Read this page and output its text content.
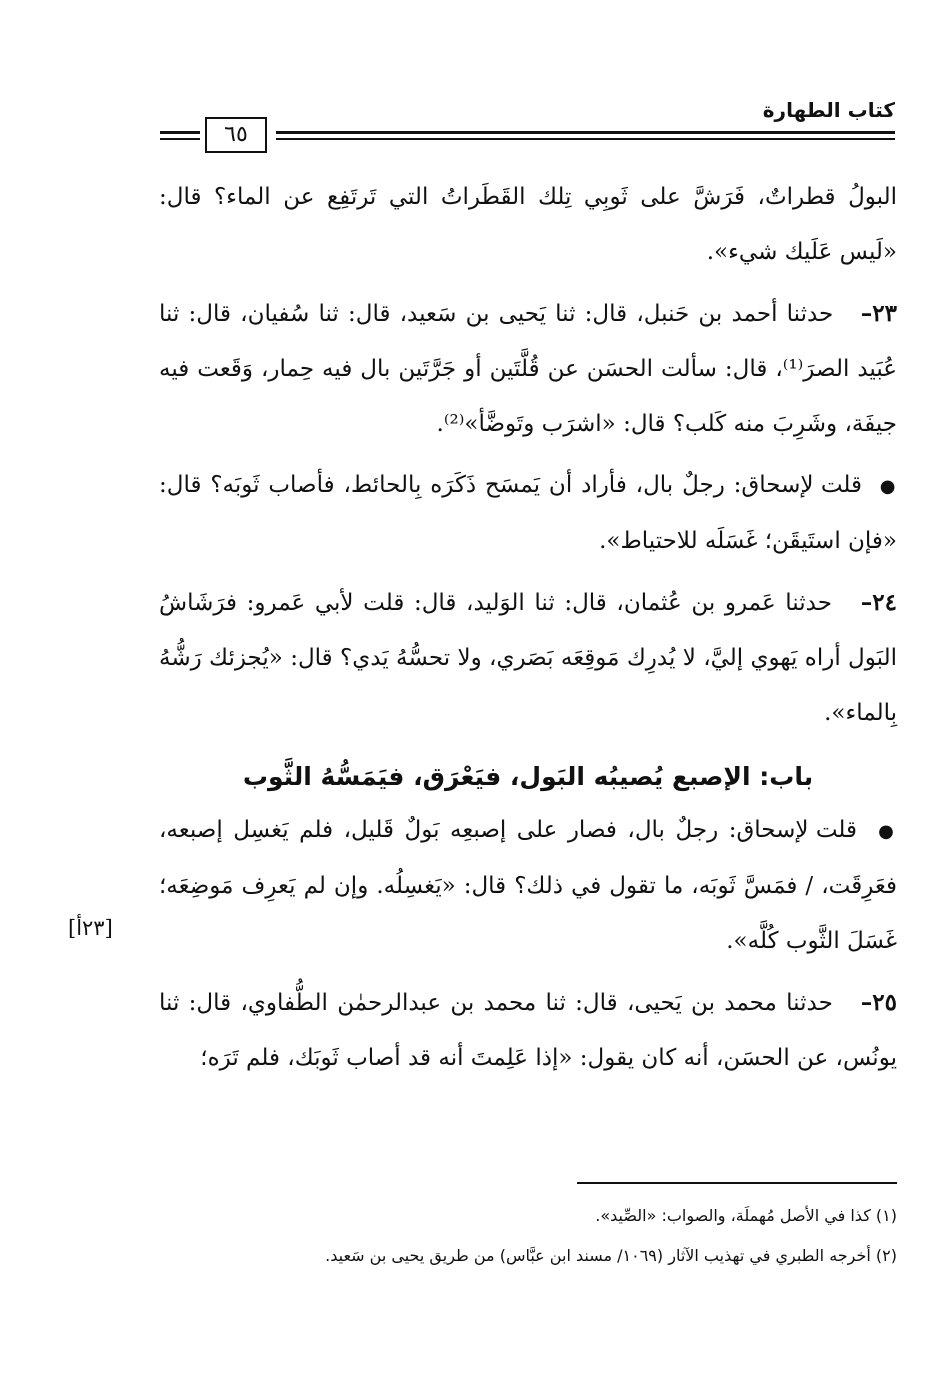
كتاب الطهارة
٦٥

البولُ قطراتٌ، فَرَشَّ على ثَوبِي تِلك القَطَراتُ التي تَرتَفِع عن الماء؟ قال: «لَيس عَلَيك شيء».

٢٣–   حدثنا أحمد بن حَنبل، قال: ثنا يَحيى بن سَعيد، قال: ثنا سُفيان، قال: ثنا عُبَيد الصرَ⁽¹⁾، قال: سألت الحسَن عن قُلَّتَين أو جَرَّتَين بال فيه حِمار، وَقَعت فيه جيفَة، وشَرِبَ منه كَلب؟ قال: «اشرَب وتَوضَّأ»⁽²⁾.

●  قلت لإسحاق: رجلٌ بال، فأراد أن يَمسَح ذَكَرَه بِالحائط، فأصاب ثَوبَه؟ قال: «فإن استَيقَن؛ غَسَلَه للاحتياط».

٢٤–   حدثنا عَمرو بن عُثمان، قال: ثنا الوَليد، قال: قلت لأبي عَمرو: فرَشَاشُ البَول أراه يَهوي إليَّ، لا يُدرِك مَوقِعَه بَصَري، ولا تحسُّهُ يَدي؟ قال: «يُجزئك رَشُّهُ بِالماء».

باب: الإصبع يُصيبُه البَول، فيَعْرَق، فيَمَسُّهُ الثَّوب

●  قلت لإسحاق: رجلٌ بال، فصار على إصبعِه بَولٌ قَليل، فلم يَغسِل إصبعه، فعَرِقَت، / فمَسَّ ثَوبَه، ما تقول في ذلك؟ قال: «يَغسِلُه. وإن لم يَعرِف مَوضِعَه؛ غَسَلَ الثَّوب كُلَّه».

٢٥–   حدثنا محمد بن يَحيى، قال: ثنا محمد بن عبدالرحمٰن الطُّفاوي، قال: ثنا يونُس، عن الحسَن، أنه كان يقول: «إذا عَلِمتَ أنه قد أصاب ثَوبَك، فلم تَرَه؛

[٢٣أ]

(١) كذا في الأصل مُهملَة، والصواب: «الصِّيد».

(٢) أخرجه الطبري في تهذيب الآثار (١٠٦٩/ مسند ابن عبَّاس) من طريق يحيى بن سَعيد.
